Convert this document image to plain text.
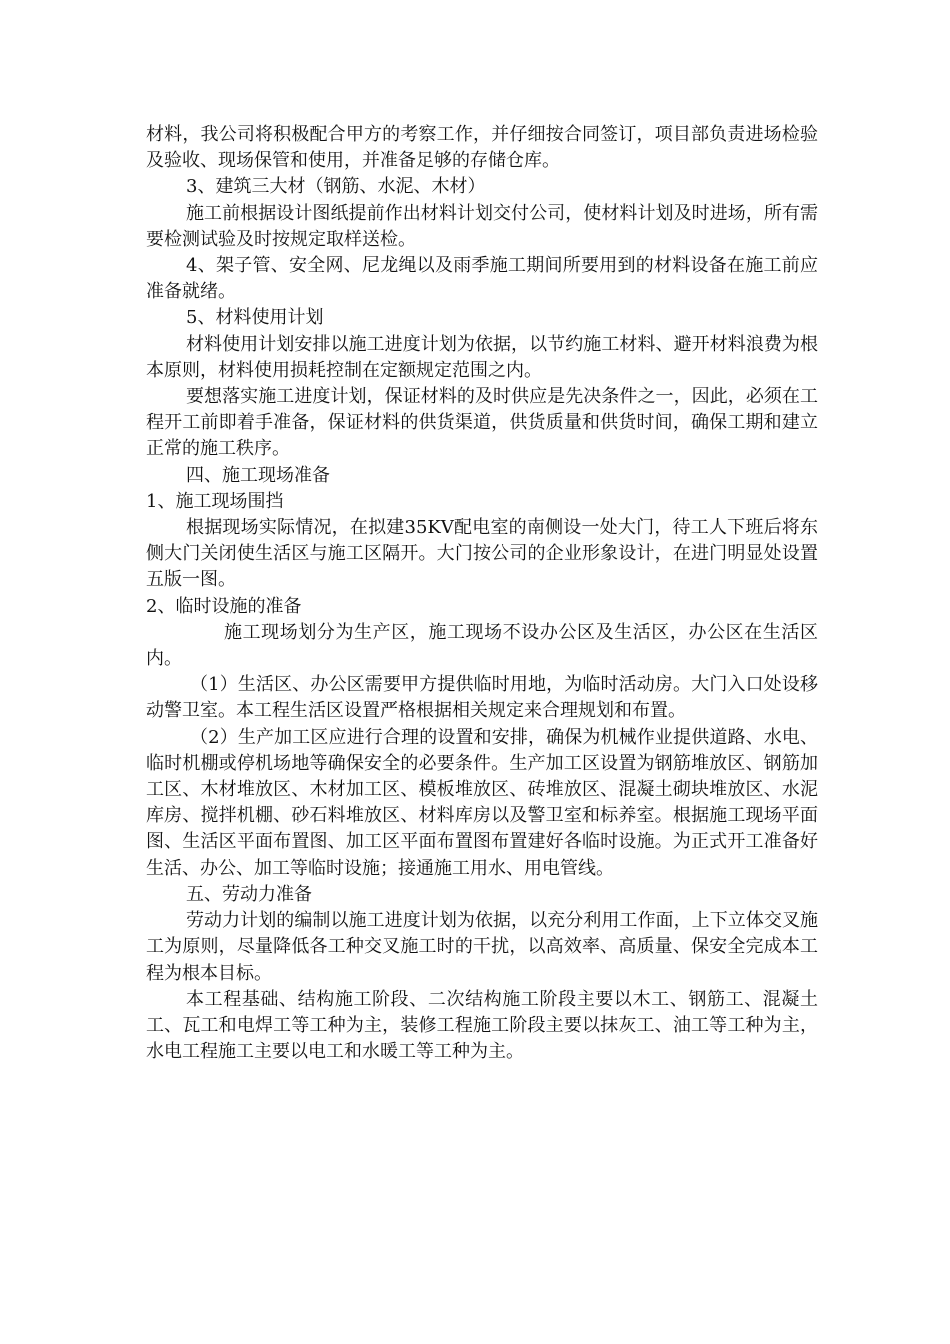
材料，我公司将积极配合甲方的考察工作，并仔细按合同签订，项目部负责进场检验及验收、现场保管和使用，并准备足够的存储仓库。

3、建筑三大材（钢筋、水泥、木材）

施工前根据设计图纸提前作出材料计划交付公司，使材料计划及时进场，所有需要检测试验及时按规定取样送检。

4、架子管、安全网、尼龙绳以及雨季施工期间所要用到的材料设备在施工前应准备就绪。

5、材料使用计划

材料使用计划安排以施工进度计划为依据，以节约施工材料、避开材料浪费为根本原则，材料使用损耗控制在定额规定范围之内。

要想落实施工进度计划，保证材料的及时供应是先决条件之一，因此，必须在工程开工前即着手准备，保证材料的供货渠道，供货质量和供货时间，确保工期和建立正常的施工秩序。

四、施工现场准备

1、施工现场围挡

根据现场实际情况，在拟建35KV配电室的南侧设一处大门，待工人下班后将东侧大门关闭使生活区与施工区隔开。大门按公司的企业形象设计，在进门明显处设置五版一图。

2、临时设施的准备

施工现场划分为生产区，施工现场不设办公区及生活区，办公区在生活区内。

（1）生活区、办公区需要甲方提供临时用地，为临时活动房。大门入口处设移动警卫室。本工程生活区设置严格根据相关规定来合理规划和布置。

（2）生产加工区应进行合理的设置和安排，确保为机械作业提供道路、水电、临时机棚或停机场地等确保安全的必要条件。生产加工区设置为钢筋堆放区、钢筋加工区、木材堆放区、木材加工区、模板堆放区、砖堆放区、混凝土砌块堆放区、水泥库房、搅拌机棚、砂石料堆放区、材料库房以及警卫室和标养室。根据施工现场平面图、生活区平面布置图、加工区平面布置图布置建好各临时设施。为正式开工准备好生活、办公、加工等临时设施；接通施工用水、用电管线。

五、劳动力准备

劳动力计划的编制以施工进度计划为依据，以充分利用工作面，上下立体交叉施工为原则，尽量降低各工种交叉施工时的干扰，以高效率、高质量、保安全完成本工程为根本目标。

本工程基础、结构施工阶段、二次结构施工阶段主要以木工、钢筋工、混凝土工、瓦工和电焊工等工种为主，装修工程施工阶段主要以抹灰工、油工等工种为主，水电工程施工主要以电工和水暖工等工种为主。
